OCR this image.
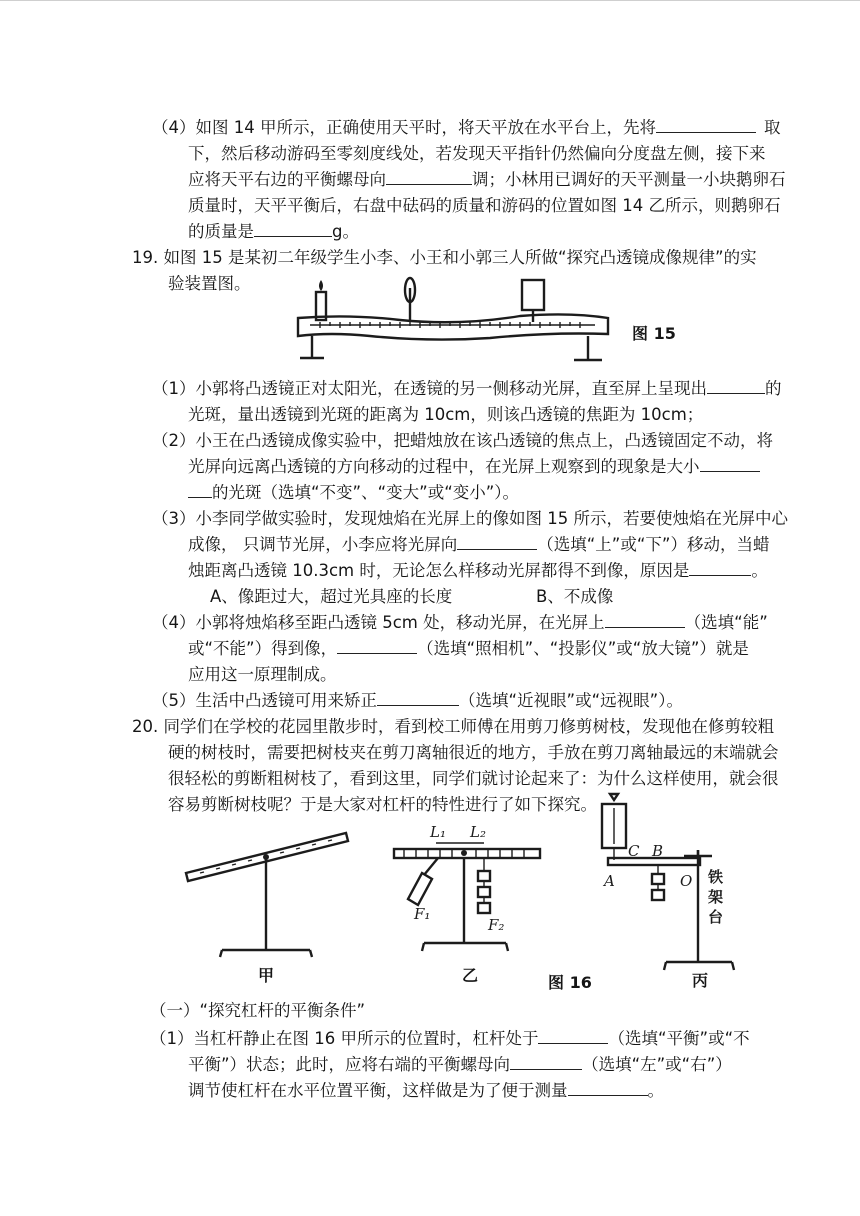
（4）如图 14 甲所示，正确使用天平时，将天平放在水平台上，先将	取
下，然后移动游码至零刻度线处，若发现天平指针仍然偏向分度盘左侧，接下来
应将天平右边的平衡螺母向	调；小林用已调好的天平测量一小块鹅卵石
质量时，天平平衡后，右盘中砝码的质量和游码的位置如图 14 乙所示，则鹅卵石
的质量是	g。
19. 如图 15 是某初二年级学生小李、小王和小郭三人所做“探究凸透镜成像规律”的实
验装置图。
图 15
（1）小郭将凸透镜正对太阳光，在透镜的另一侧移动光屏，直至屏上呈现出	的
光斑，量出透镜到光斑的距离为 10cm，则该凸透镜的焦距为 10cm；
（2）小王在凸透镜成像实验中，把蜡烛放在该凸透镜的焦点上，凸透镜固定不动，将
光屏向远离凸透镜的方向移动的过程中，在光屏上观察到的现象是大小
的光斑（选填“不变”、“变大”或“变小”）。
（3）小李同学做实验时，发现烛焰在光屏上的像如图 15 所示，若要使烛焰在光屏中心
成像， 只调节光屏，小李应将光屏向	（选填“上”或“下”）移动，当蜡
烛距离凸透镜 10.3cm 时，无论怎么样移动光屏都得不到像，原因是	。
A、像距过大，超过光具座的长度	B、不成像
（4）小郭将烛焰移至距凸透镜 5cm 处，移动光屏，在光屏上	（选填“能”
或“不能”）得到像，	（选填“照相机”、“投影仪”或“放大镜”）就是
应用这一原理制成。
（5）生活中凸透镜可用来矫正	（选填“近视眼”或“远视眼”）。
20. 同学们在学校的花园里散步时，看到校工师傅在用剪刀修剪树枝，发现他在修剪较粗
硬的树枝时，需要把树枝夹在剪刀离轴很近的地方，手放在剪刀离轴最远的末端就会
很轻松的剪断粗树枝了，看到这里，同学们就讨论起来了：为什么这样使用，就会很
容易剪断树枝呢？于是大家对杠杆的特性进行了如下探究。
甲
L₁ L₂
F₁
F₂
乙	图 16
A
C B
O 铁
架
台
丙
（一）“探究杠杆的平衡条件”
（1）当杠杆静止在图 16 甲所示的位置时，杠杆处于	（选填“平衡”或“不
平衡”）状态；此时，应将右端的平衡螺母向	（选填“左”或“右”）
调节使杠杆在水平位置平衡，这样做是为了便于测量	。
